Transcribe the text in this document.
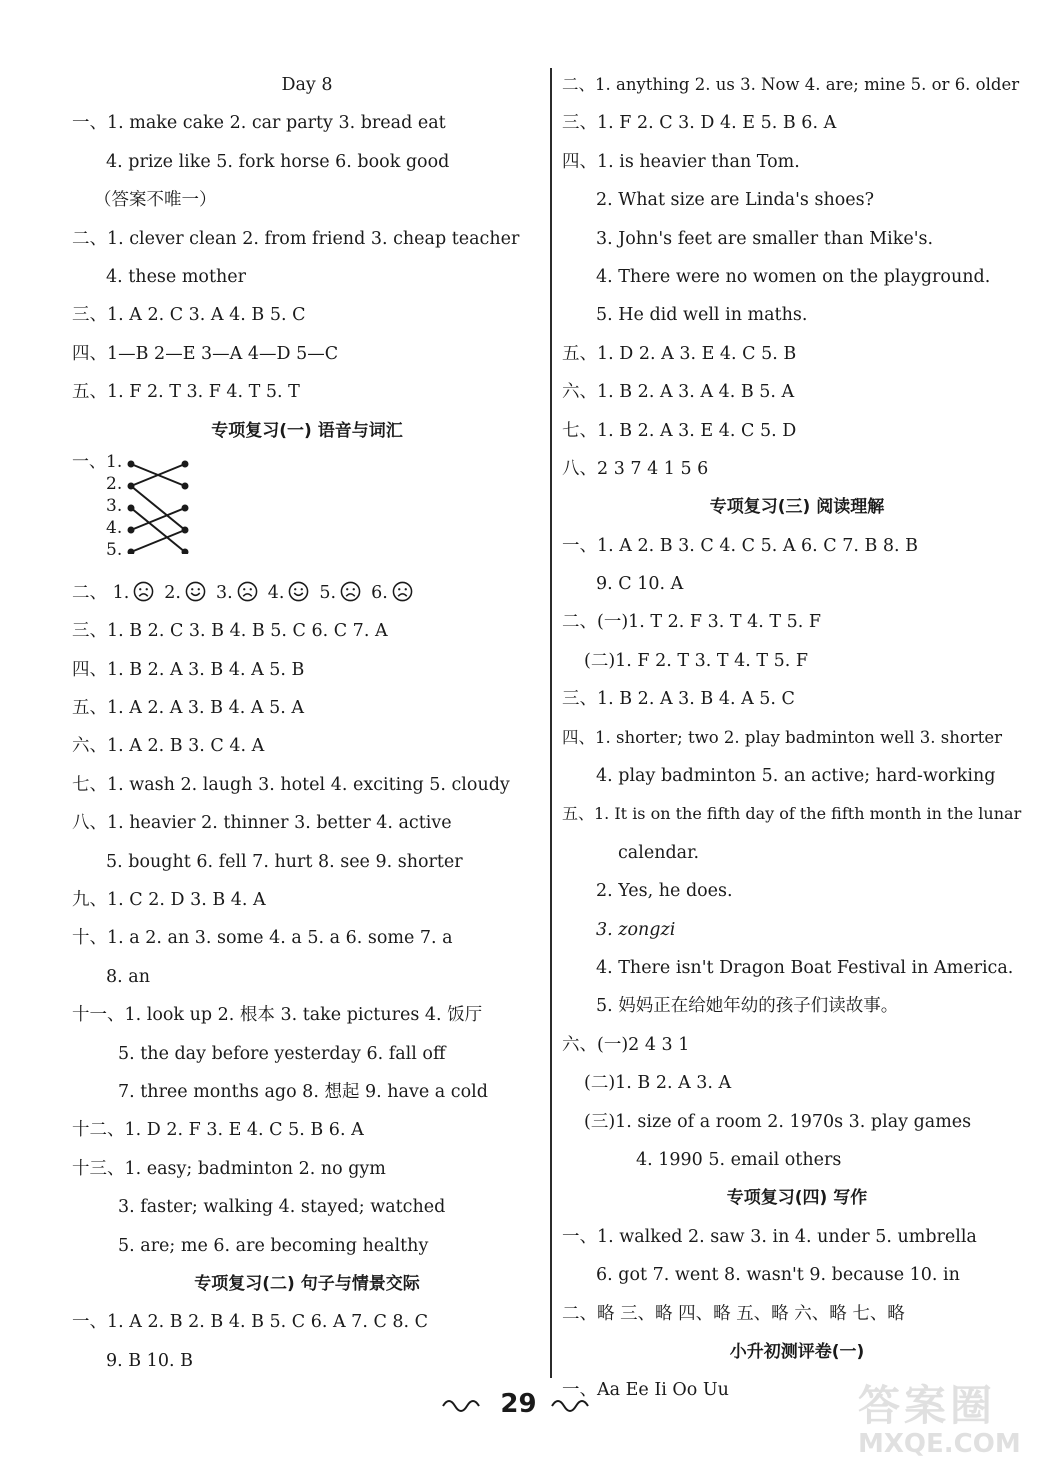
Day 8
一、1. make cake 2. car party 3. bread eat
4. prize like 5. fork horse 6. book good
（答案不唯一）
二、1. clever clean 2. from friend 3. cheap teacher
4. these mother
三、1. A 2. C 3. A 4. B 5. C
四、1—B 2—E 3—A 4—D 5—C
五、1. F 2. T 3. F 4. T 5. T
专项复习(一) 语音与词汇
一、1.
2.
3.
4.
5.
二、 1. 2. 3. 4. 5. 6.
三、1. B 2. C 3. B 4. B 5. C 6. C 7. A
四、1. B 2. A 3. B 4. A 5. B
五、1. A 2. A 3. B 4. A 5. A
六、1. A 2. B 3. C 4. A
七、1. wash 2. laugh 3. hotel 4. exciting 5. cloudy
八、1. heavier 2. thinner 3. better 4. active
5. bought 6. fell 7. hurt 8. see 9. shorter
九、1. C 2. D 3. B 4. A
十、1. a 2. an 3. some 4. a 5. a 6. some 7. a
8. an
十一、1. look up 2. 根本 3. take pictures 4. 饭厅
5. the day before yesterday 6. fall off
7. three months ago 8. 想起 9. have a cold
十二、1. D 2. F 3. E 4. C 5. B 6. A
十三、1. easy; badminton 2. no gym
3. faster; walking 4. stayed; watched
5. are; me 6. are becoming healthy
专项复习(二) 句子与情景交际
一、1. A 2. B 2. B 4. B 5. C 6. A 7. C 8. C
9. B 10. B
二、1. anything 2. us 3. Now 4. are; mine 5. or 6. older
三、1. F 2. C 3. D 4. E 5. B 6. A
四、1. is heavier than Tom.
2. What size are Linda's shoes?
3. John's feet are smaller than Mike's.
4. There were no women on the playground.
5. He did well in maths.
五、1. D 2. A 3. E 4. C 5. B
六、1. B 2. A 3. A 4. B 5. A
七、1. B 2. A 3. E 4. C 5. D
八、2 3 7 4 1 5 6
专项复习(三) 阅读理解
一、1. A 2. B 3. C 4. C 5. A 6. C 7. B 8. B
9. C 10. A
二、(一)1. T 2. F 3. T 4. T 5. F
(二)1. F 2. T 3. T 4. T 5. F
三、1. B 2. A 3. B 4. A 5. C
四、1. shorter; two 2. play badminton well 3. shorter
4. play badminton 5. an active; hard-working
五、1. It is on the fifth day of the fifth month in the lunar
calendar.
2. Yes, he does.
3. zongzi
4. There isn't Dragon Boat Festival in America.
5. 妈妈正在给她年幼的孩子们读故事。
六、(一)2 4 3 1
(二)1. B 2. A 3. A
(三)1. size of a room 2. 1970s 3. play games
4. 1990 5. email others
专项复习(四) 写作
一、1. walked 2. saw 3. in 4. under 5. umbrella
6. got 7. went 8. wasn't 9. because 10. in
二、略 三、略 四、略 五、略 六、略 七、略
小升初测评卷(一)
一、Aa Ee Ii Oo Uu
29	答案圈
MXQE.COM
